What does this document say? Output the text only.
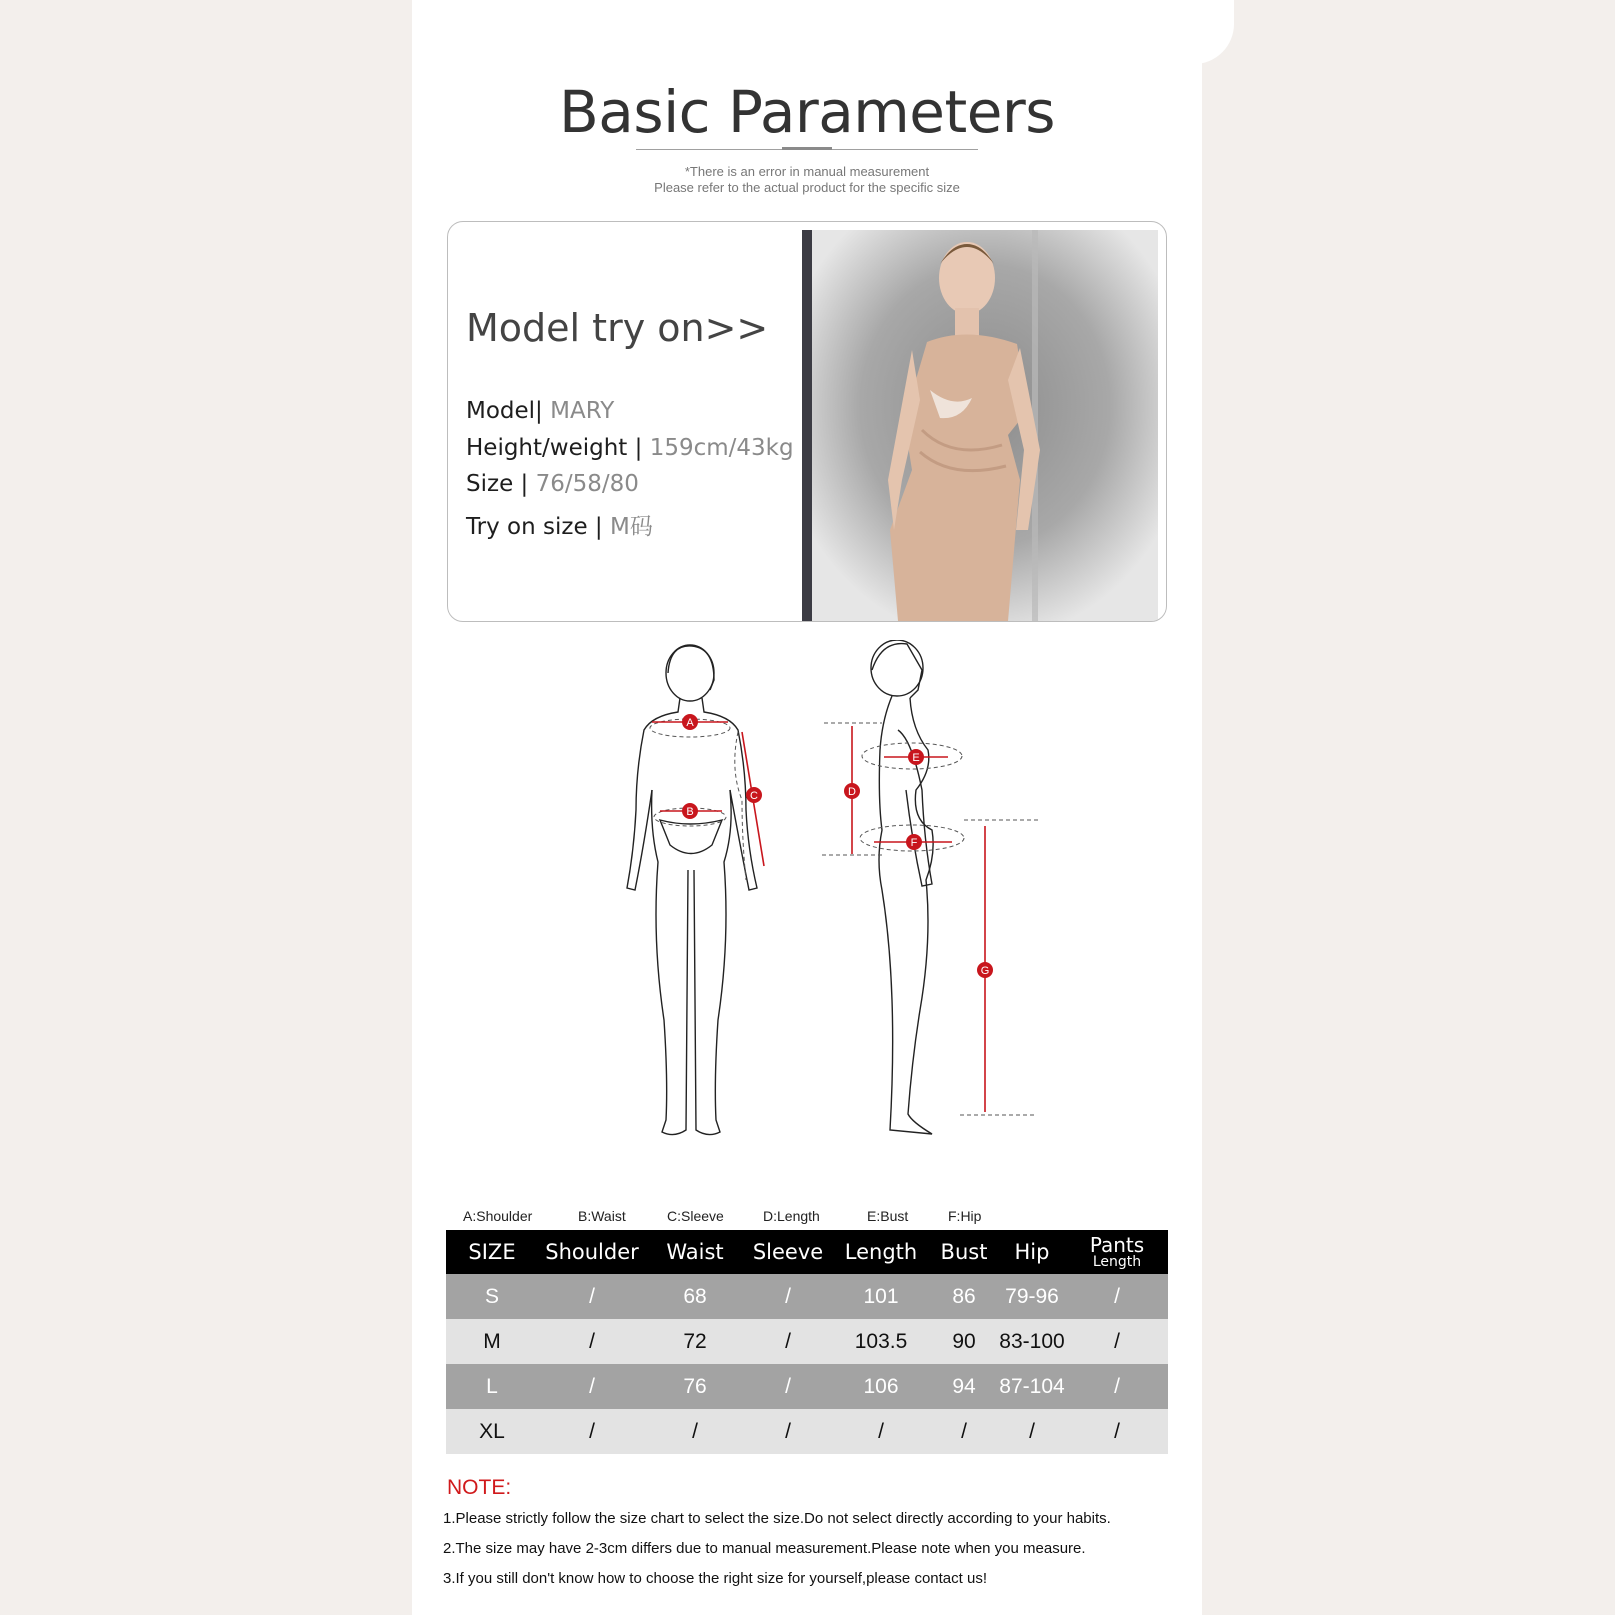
Basic Parameters
*There is an error in manual measurement
Please refer to the actual product for the specific size
Model try on>>
Model| MARY
Height/weight | 159cm/43kg
Size | 76/58/80
Try on size | M码
A
B
C	D
E
F
G
A:Shoulder	B:Waist	C:Sleeve	D:Length	E:Bust	F:Hip
SIZE	Shoulder	Waist	Sleeve	Length	Bust	Hip	Pants
Length

S	/	68	/	101	86	79-96	/
M	/	72	/	103.5	90	83-100	/
L	/	76	/	106	94	87-104	/
XL	/	/	/	/	/	/	/
NOTE:
1.Please strictly follow the size chart to select the size.Do not select directly according to your habits.
2.The size may have 2-3cm differs due to manual measurement.Please note when you measure.
3.If you still don't know how to choose the right size for yourself,please contact us!
